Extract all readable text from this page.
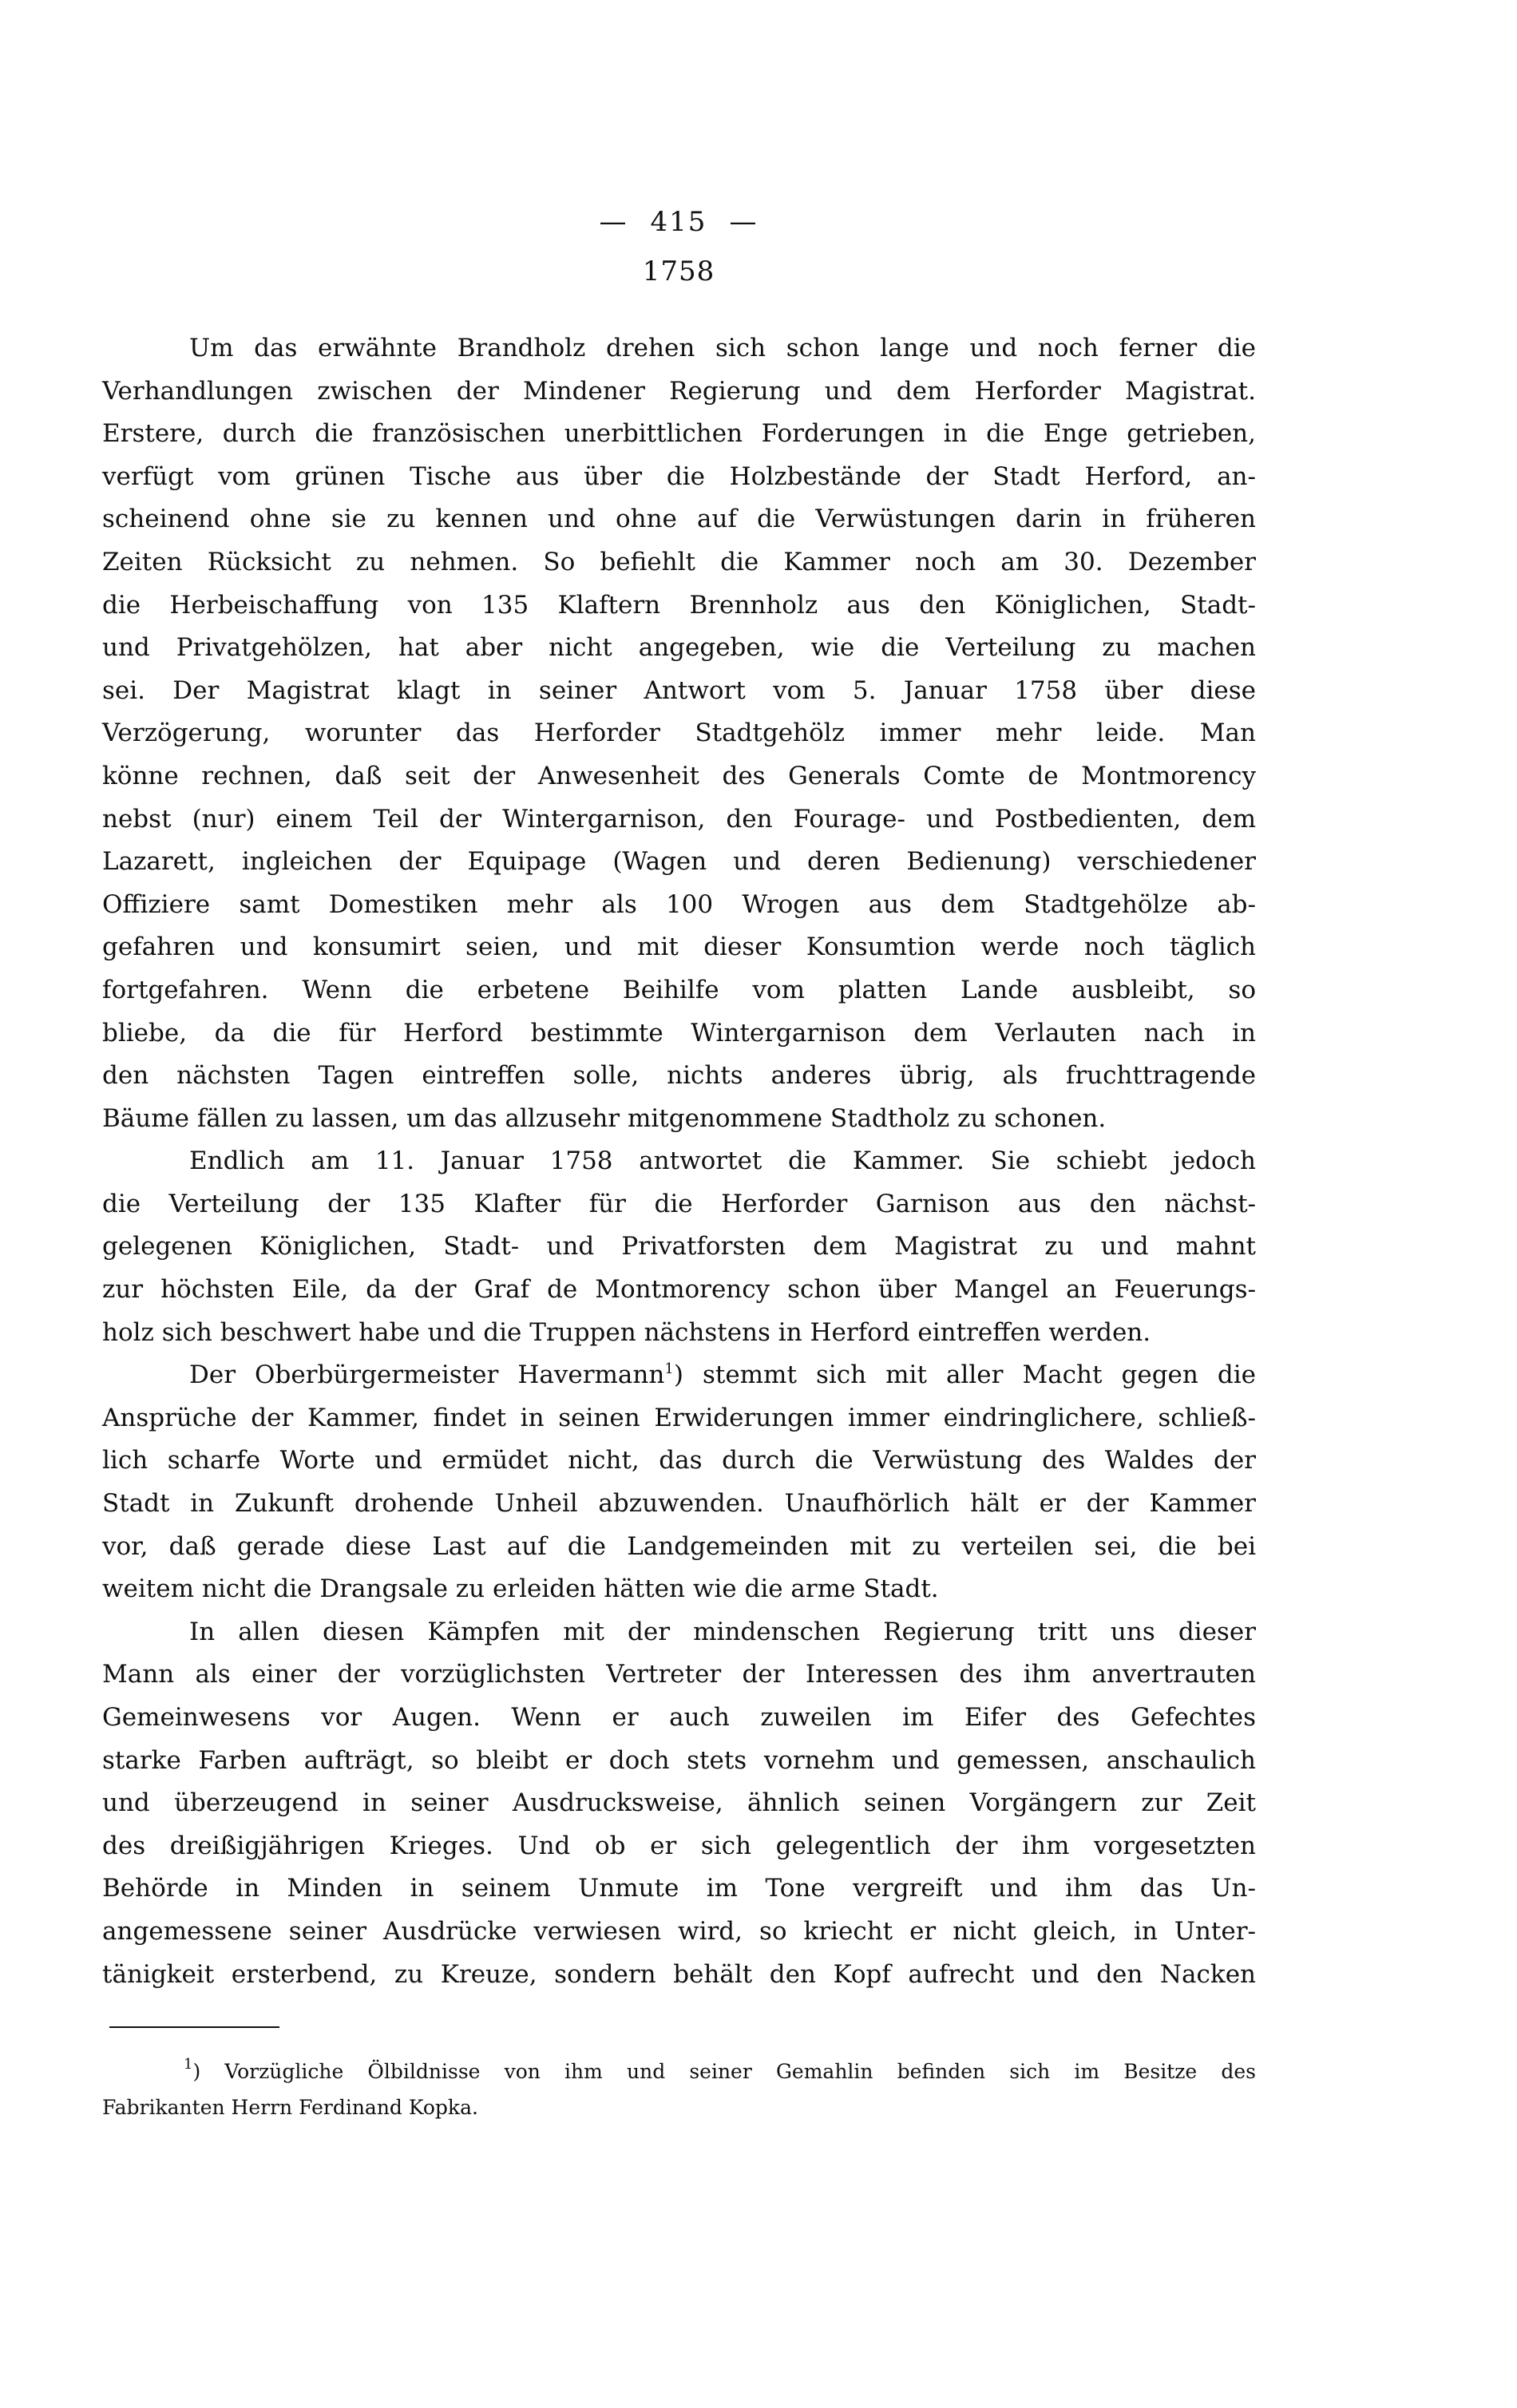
— 415 —
1758
Um das erwähnte Brandholz drehen sich schon lange und noch ferner die
Verhandlungen zwischen der Mindener Regierung und dem Herforder Magistrat.
Erstere, durch die französischen unerbittlichen Forderungen in die Enge getrieben,
verfügt vom grünen Tische aus über die Holzbestände der Stadt Herford, an-
scheinend ohne sie zu kennen und ohne auf die Verwüstungen darin in früheren
Zeiten Rücksicht zu nehmen. So befiehlt die Kammer noch am 30. Dezember
die Herbeischaffung von 135 Klaftern Brennholz aus den Königlichen, Stadt-
und Privatgehölzen, hat aber nicht angegeben, wie die Verteilung zu machen
sei. Der Magistrat klagt in seiner Antwort vom 5. Januar 1758 über diese
Verzögerung, worunter das Herforder Stadtgehölz immer mehr leide. Man
könne rechnen, daß seit der Anwesenheit des Generals Comte de Montmorency
nebst (nur) einem Teil der Wintergarnison, den Fourage- und Postbedienten, dem
Lazarett, ingleichen der Equipage (Wagen und deren Bedienung) verschiedener
Offiziere samt Domestiken mehr als 100 Wrogen aus dem Stadtgehölze ab-
gefahren und konsumirt seien, und mit dieser Konsumtion werde noch täglich
fortgefahren. Wenn die erbetene Beihilfe vom platten Lande ausbleibt, so
bliebe, da die für Herford bestimmte Wintergarnison dem Verlauten nach in
den nächsten Tagen eintreffen solle, nichts anderes übrig, als fruchttragende
Bäume fällen zu lassen, um das allzusehr mitgenommene Stadtholz zu schonen.
Endlich am 11. Januar 1758 antwortet die Kammer. Sie schiebt jedoch
die Verteilung der 135 Klafter für die Herforder Garnison aus den nächst-
gelegenen Königlichen, Stadt- und Privatforsten dem Magistrat zu und mahnt
zur höchsten Eile, da der Graf de Montmorency schon über Mangel an Feuerungs-
holz sich beschwert habe und die Truppen nächstens in Herford eintreffen werden.
Der Oberbürgermeister Havermann$^1$) stemmt sich mit aller Macht gegen die
Ansprüche der Kammer, findet in seinen Erwiderungen immer eindringlichere, schließ-
lich scharfe Worte und ermüdet nicht, das durch die Verwüstung des Waldes der
Stadt in Zukunft drohende Unheil abzuwenden. Unaufhörlich hält er der Kammer
vor, daß gerade diese Last auf die Landgemeinden mit zu verteilen sei, die bei
weitem nicht die Drangsale zu erleiden hätten wie die arme Stadt.
In allen diesen Kämpfen mit der mindenschen Regierung tritt uns dieser
Mann als einer der vorzüglichsten Vertreter der Interessen des ihm anvertrauten
Gemeinwesens vor Augen. Wenn er auch zuweilen im Eifer des Gefechtes
starke Farben aufträgt, so bleibt er doch stets vornehm und gemessen, anschaulich
und überzeugend in seiner Ausdrucksweise, ähnlich seinen Vorgängern zur Zeit
des dreißigjährigen Krieges. Und ob er sich gelegentlich der ihm vorgesetzten
Behörde in Minden in seinem Unmute im Tone vergreift und ihm das Un-
angemessene seiner Ausdrücke verwiesen wird, so kriecht er nicht gleich, in Unter-
tänigkeit ersterbend, zu Kreuze, sondern behält den Kopf aufrecht und den Nacken
$^1$) Vorzügliche Ölbildnisse von ihm und seiner Gemahlin befinden sich im Besitze des
Fabrikanten Herrn Ferdinand Kopka.
